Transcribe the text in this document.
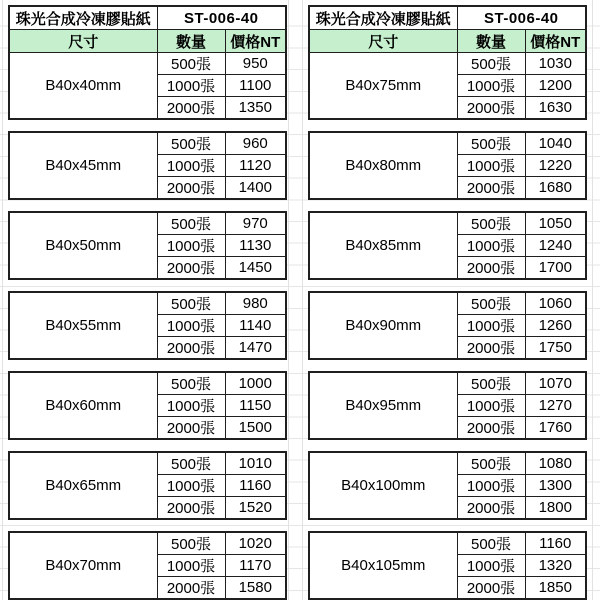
珠光合成冷凍膠貼紙	ST-006-40	
尺寸	數量	價格NT
B40x40mm	500張	950
	1000張	1100
	2000張	1350
B40x45mm	500張	960
	1000張	1120
	2000張	1400
B40x50mm	500張	970
	1000張	1130
	2000張	1450
B40x55mm	500張	980
	1000張	1140
	2000張	1470
B40x60mm	500張	1000
	1000張	1150
	2000張	1500
B40x65mm	500張	1010
	1000張	1160
	2000張	1520
B40x70mm	500張	1020
	1000張	1170
	2000張	1580
珠光合成冷凍膠貼紙	ST-006-40	
尺寸	數量	價格NT
B40x75mm	500張	1030
	1000張	1200
	2000張	1630
B40x80mm	500張	1040
	1000張	1220
	2000張	1680
B40x85mm	500張	1050
	1000張	1240
	2000張	1700
B40x90mm	500張	1060
	1000張	1260
	2000張	1750
B40x95mm	500張	1070
	1000張	1270
	2000張	1760
B40x100mm	500張	1080
	1000張	1300
	2000張	1800
B40x105mm	500張	1160
	1000張	1320
	2000張	1850
